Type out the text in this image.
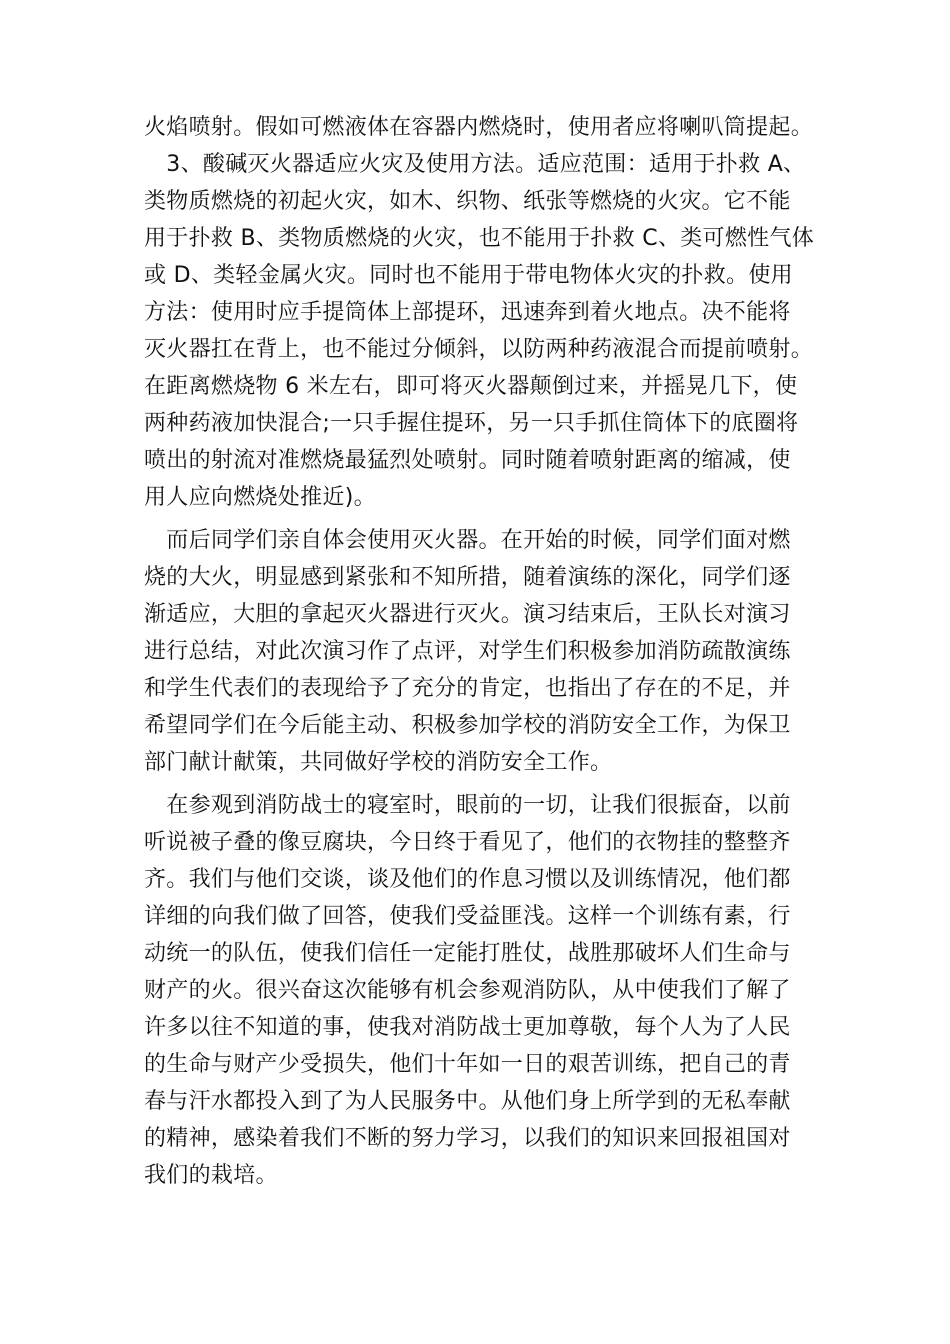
火焰喷射。假如可燃液体在容器内燃烧时，使用者应将喇叭筒提起。
　3、酸碱灭火器适应火灾及使用方法。适应范围：适用于扑救 A、
类物质燃烧的初起火灾，如木、织物、纸张等燃烧的火灾。它不能
用于扑救 B、类物质燃烧的火灾，也不能用于扑救 C、类可燃性气体
或 D、类轻金属火灾。同时也不能用于带电物体火灾的扑救。使用
方法：使用时应手提筒体上部提环，迅速奔到着火地点。决不能将
灭火器扛在背上，也不能过分倾斜，以防两种药液混合而提前喷射。
在距离燃烧物 6 米左右，即可将灭火器颠倒过来，并摇晃几下，使
两种药液加快混合;一只手握住提环，另一只手抓住筒体下的底圈将
喷出的射流对准燃烧最猛烈处喷射。同时随着喷射距离的缩减，使
用人应向燃烧处推近)。
　而后同学们亲自体会使用灭火器。在开始的时候，同学们面对燃
烧的大火，明显感到紧张和不知所措，随着演练的深化，同学们逐
渐适应，大胆的拿起灭火器进行灭火。演习结束后，王队长对演习
进行总结，对此次演习作了点评，对学生们积极参加消防疏散演练
和学生代表们的表现给予了充分的肯定，也指出了存在的不足，并
希望同学们在今后能主动、积极参加学校的消防安全工作，为保卫
部门献计献策，共同做好学校的消防安全工作。
　在参观到消防战士的寝室时，眼前的一切，让我们很振奋，以前
听说被子叠的像豆腐块，今日终于看见了，他们的衣物挂的整整齐
齐。我们与他们交谈，谈及他们的作息习惯以及训练情况，他们都
详细的向我们做了回答，使我们受益匪浅。这样一个训练有素，行
动统一的队伍，使我们信任一定能打胜仗，战胜那破坏人们生命与
财产的火。很兴奋这次能够有机会参观消防队，从中使我们了解了
许多以往不知道的事，使我对消防战士更加尊敬，每个人为了人民
的生命与财产少受损失，他们十年如一日的艰苦训练，把自己的青
春与汗水都投入到了为人民服务中。从他们身上所学到的无私奉献
的精神，感染着我们不断的努力学习，以我们的知识来回报祖国对
我们的栽培。
